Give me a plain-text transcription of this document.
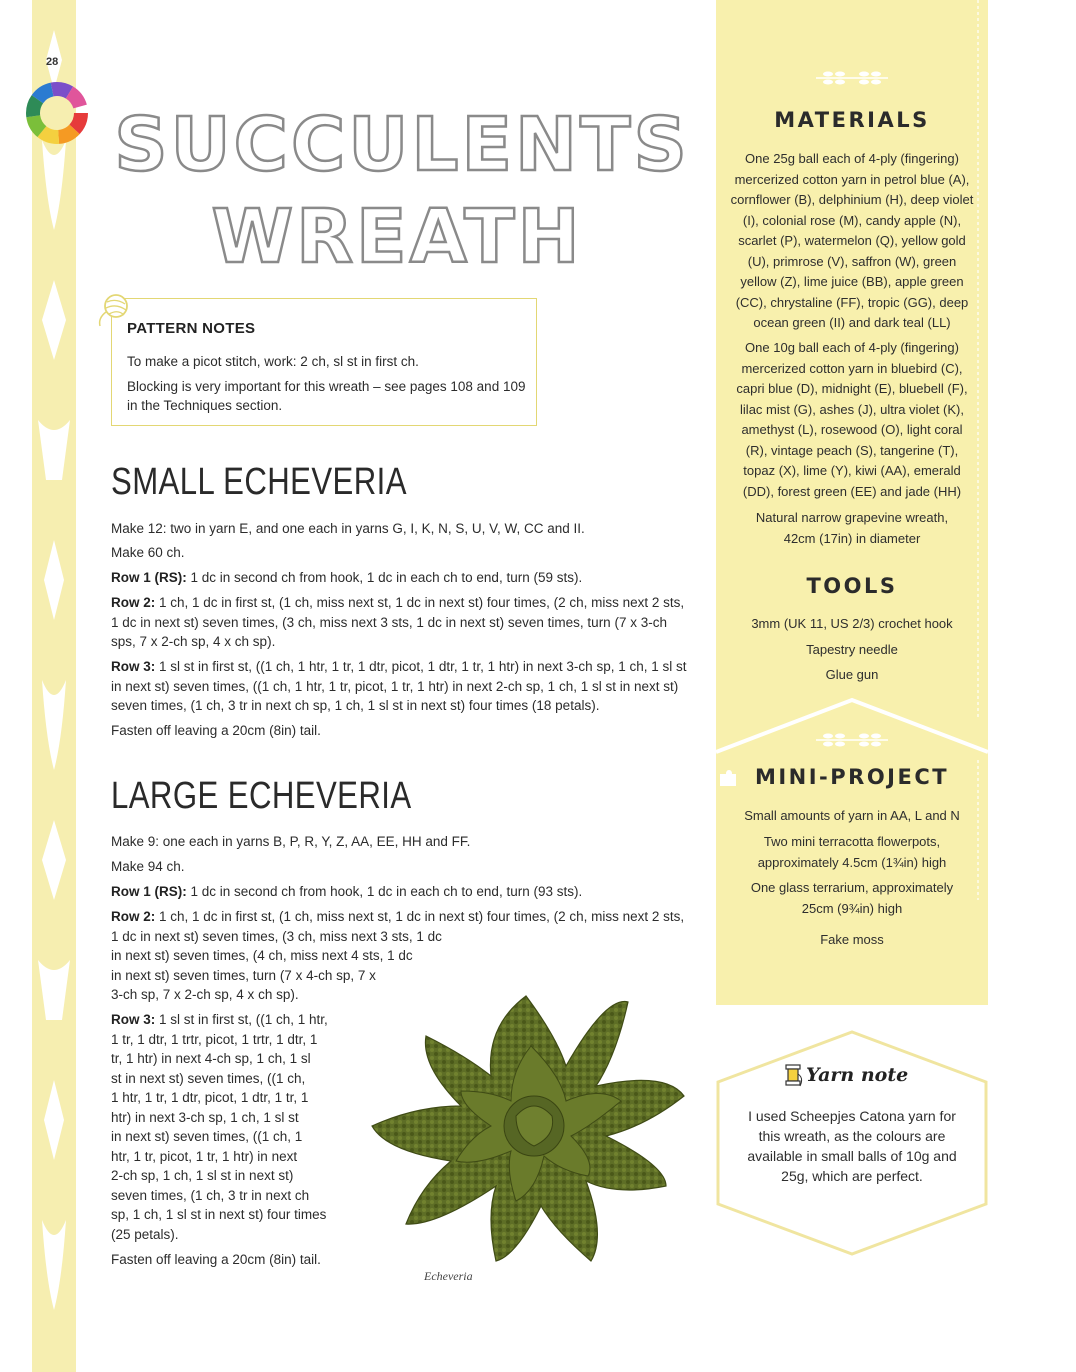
28
SUCCULENTS
WREATH
PATTERN NOTES
To make a picot stitch, work: 2 ch, sl st in first ch.
Blocking is very important for this wreath – see pages 108 and 109 in the Techniques section.
SMALL ECHEVERIA
Make 12: two in yarn E, and one each in yarns G, I, K, N, S, U, V, W, CC and II.
Make 60 ch.
Row 1 (RS): 1 dc in second ch from hook, 1 dc in each ch to end, turn (59 sts).
Row 2: 1 ch, 1 dc in first st, (1 ch, miss next st, 1 dc in next st) four times, (2 ch, miss next 2 sts, 1 dc in next st) seven times, (3 ch, miss next 3 sts, 1 dc in next st) seven times, turn (7 x 3-ch sps, 7 x 2-ch sp, 4 x ch sp).
Row 3: 1 sl st in first st, ((1 ch, 1 htr, 1 tr, 1 dtr, picot, 1 dtr, 1 tr, 1 htr) in next 3-ch sp, 1 ch, 1 sl st in next st) seven times, ((1 ch, 1 htr, 1 tr, picot, 1 tr, 1 htr) in next 2-ch sp, 1 ch, 1 sl st in next st) seven times, (1 ch, 3 tr in next ch sp, 1 ch, 1 sl st in next st) four times (18 petals).
Fasten off leaving a 20cm (8in) tail.
LARGE ECHEVERIA
Make 9: one each in yarns B, P, R, Y, Z, AA, EE, HH and FF.
Make 94 ch.
Row 1 (RS): 1 dc in second ch from hook, 1 dc in each ch to end, turn (93 sts).
Row 2: 1 ch, 1 dc in first st, (1 ch, miss next st, 1 dc in next st) four times, (2 ch, miss next 2 sts,
1 dc in next st) seven times, (3 ch, miss next 3 sts, 1 dc
in next st) seven times, (4 ch, miss next 4 sts, 1 dc
in next st) seven times, turn (7 x 4-ch sp, 7 x
3-ch sp, 7 x 2-ch sp, 4 x ch sp).
Row 3: 1 sl st in first st, ((1 ch, 1 htr,
1 tr, 1 dtr, 1 trtr, picot, 1 trtr, 1 dtr, 1
tr, 1 htr) in next 4-ch sp, 1 ch, 1 sl
st in next st) seven times, ((1 ch,
1 htr, 1 tr, 1 dtr, picot, 1 dtr, 1 tr, 1
htr) in next 3-ch sp, 1 ch, 1 sl st
in next st) seven times, ((1 ch, 1
htr, 1 tr, picot, 1 tr, 1 htr) in next
2-ch sp, 1 ch, 1 sl st in next st)
seven times, (1 ch, 3 tr in next ch
sp, 1 ch, 1 sl st in next st) four times
(25 petals).
Fasten off leaving a 20cm (8in) tail.
Echeveria
MATERIALS
One 25g ball each of 4-ply (fingering) mercerized cotton yarn in petrol blue (A), cornflower (B), delphinium (H), deep violet (I), colonial rose (M), candy apple (N), scarlet (P), watermelon (Q), yellow gold (U), primrose (V), saffron (W), green yellow (Z), lime juice (BB), apple green (CC), chrystaline (FF), tropic (GG), deep ocean green (II) and dark teal (LL)
One 10g ball each of 4-ply (fingering) mercerized cotton yarn in bluebird (C), capri blue (D), midnight (E), bluebell (F), lilac mist (G), ashes (J), ultra violet (K), amethyst (L), rosewood (O), light coral (R), vintage peach (S), tangerine (T), topaz (X), lime (Y), kiwi (AA), emerald (DD), forest green (EE) and jade (HH)
Natural narrow grapevine wreath, 42cm (17in) in diameter
TOOLS
3mm (UK 11, US 2/3) crochet hook
Tapestry needle
Glue gun
MINI-PROJECT
Small amounts of yarn in AA, L and N
Two mini terracotta flowerpots, approximately 4.5cm (1¾in) high
One glass terrarium, approximately 25cm (9¾in) high
Fake moss
Yarn note
I used Scheepjes Catona yarn for this wreath, as the colours are available in small balls of 10g and 25g, which are perfect.
